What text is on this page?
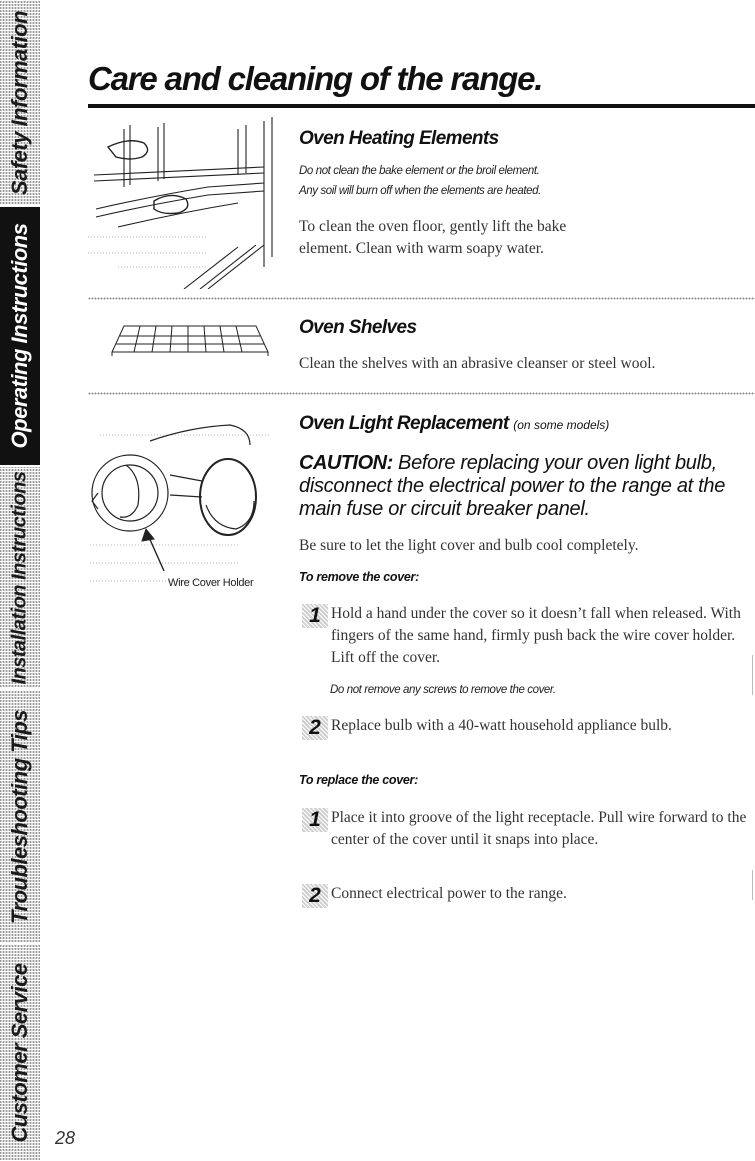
Safety Information
Operating Instructions
Installation Instructions
Troubleshooting Tips
Customer Service
Care and cleaning of the range.
Oven Heating Elements

Do not clean the bake element or the broil element.

Any soil will burn off when the elements are heated.

To clean the oven floor, gently lift the bake element. Clean with warm soapy water.

Oven Shelves

Clean the shelves with an abrasive cleanser or steel wool.

Wire Cover Holder
Oven Light Replacement (on some models)

CAUTION: Before replacing your oven light bulb, disconnect the electrical power to the range at the main fuse or circuit breaker panel.

Be sure to let the light cover and bulb cool completely.

To remove the cover:

1 Hold a hand under the cover so it doesn’t fall when released. With fingers of the same hand, firmly push back the wire cover holder. Lift off the cover.

Do not remove any screws to remove the cover.

2 Replace bulb with a 40-watt household appliance bulb.

To replace the cover:

1 Place it into groove of the light receptacle. Pull wire forward to the center of the cover until it snaps into place.

2 Connect electrical power to the range.

28
